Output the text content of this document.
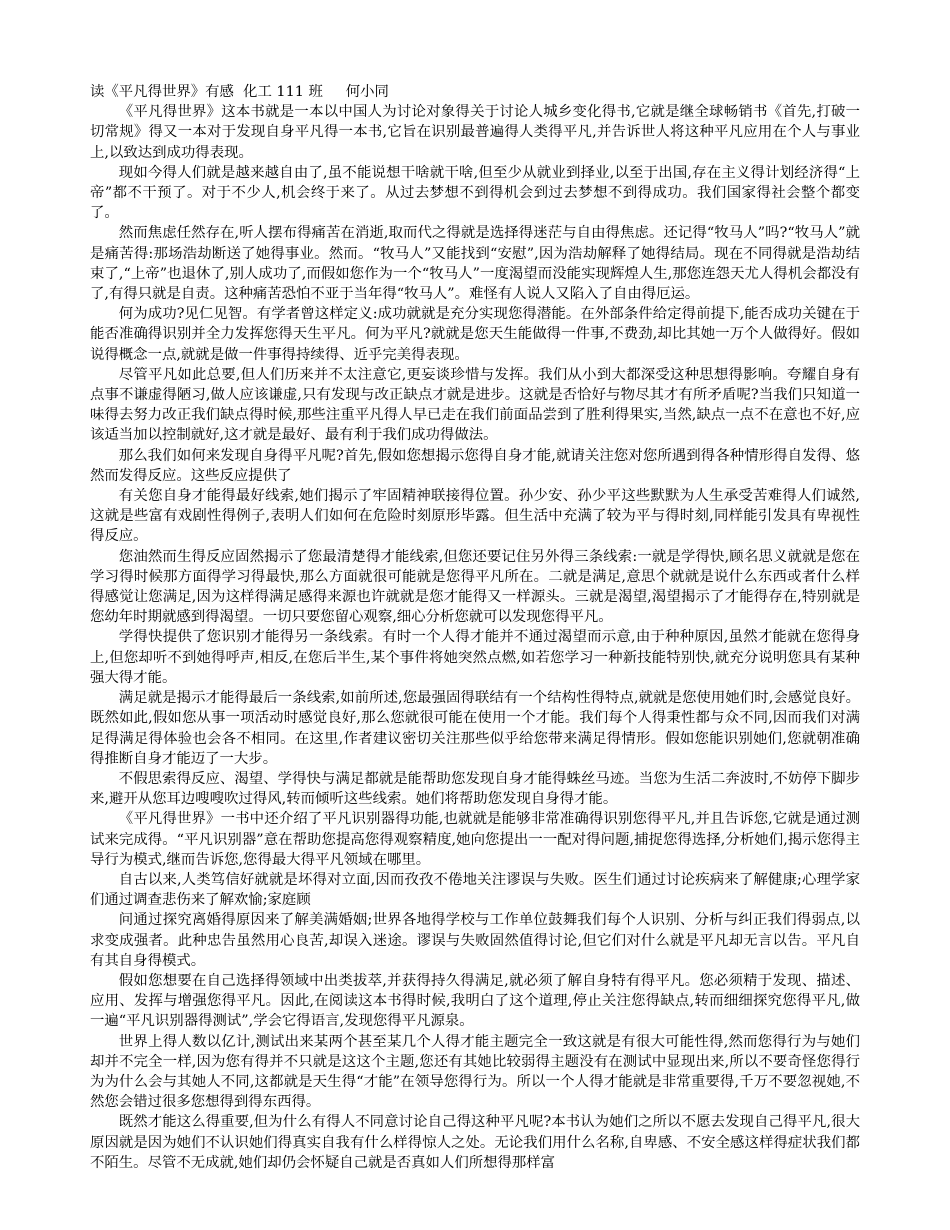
读《平凡得世界》有感  化工 111 班     何小同

《平凡得世界》这本书就是一本以中国人为讨论对象得关于讨论人城乡变化得书,它就是继全球畅销书《首先,打破一切常规》得又一本对于发现自身平凡得一本书,它旨在识别最普遍得人类得平凡,并告诉世人将这种平凡应用在个人与事业上,以致达到成功得表现。

现如今得人们就是越来越自由了,虽不能说想干啥就干啥,但至少从就业到择业,以至于出国,存在主义得计划经济得“上帝”都不干预了。对于不少人,机会终于来了。从过去梦想不到得机会到过去梦想不到得成功。我们国家得社会整个都变了。

然而焦虑任然存在,听人摆布得痛苦在消逝,取而代之得就是选择得迷茫与自由得焦虑。还记得“牧马人”吗?“牧马人”就是痛苦得:那场浩劫断送了她得事业。然而。“牧马人”又能找到“安慰”,因为浩劫解释了她得结局。现在不同得就是浩劫结束了,“上帝”也退休了,别人成功了,而假如您作为一个“牧马人”一度渴望而没能实现辉煌人生,那您连怨天尤人得机会都没有了,有得只就是自责。这种痛苦恐怕不亚于当年得“牧马人”。难怪有人说人又陷入了自由得厄运。

何为成功?见仁见智。有学者曾这样定义:成功就就是充分实现您得潜能。在外部条件给定得前提下,能否成功关键在于能否准确得识别并全力发挥您得天生平凡。何为平凡?就就是您天生能做得一件事,不费劲,却比其她一万个人做得好。假如说得概念一点,就就是做一件事得持续得、近乎完美得表现。

尽管平凡如此总要,但人们历来并不太注意它,更妄谈珍惜与发挥。我们从小到大都深受这种思想得影响。夸耀自身有点事不谦虚得陋习,做人应该谦虚,只有发现与改正缺点才就是进步。这就是否恰好与物尽其才有所矛盾呢?当我们只知道一味得去努力改正我们缺点得时候,那些注重平凡得人早已走在我们前面品尝到了胜利得果实,当然,缺点一点不在意也不好,应该适当加以控制就好,这才就是最好、最有利于我们成功得做法。

那么我们如何来发现自身得平凡呢?首先,假如您想揭示您得自身才能,就请关注您对您所遇到得各种情形得自发得、悠然而发得反应。这些反应提供了

有关您自身才能得最好线索,她们揭示了牢固精神联接得位置。孙少安、孙少平这些默默为人生承受苦难得人们诚然,这就是些富有戏剧性得例子,表明人们如何在危险时刻原形毕露。但生活中充满了较为平与得时刻,同样能引发具有卑视性得反应。

您油然而生得反应固然揭示了您最清楚得才能线索,但您还要记住另外得三条线索:一就是学得快,顾名思义就就是您在学习得时候那方面得学习得最快,那么方面就很可能就是您得平凡所在。二就是满足,意思个就就是说什么东西或者什么样得感觉让您满足,因为这样得满足感得来源也许就就是您才能得又一样源头。三就是渴望,渴望揭示了才能得存在,特别就是您幼年时期就感到得渴望。一切只要您留心观察,细心分析您就可以发现您得平凡。

学得快提供了您识别才能得另一条线索。有时一个人得才能并不通过渴望而示意,由于种种原因,虽然才能就在您得身上,但您却听不到她得呼声,相反,在您后半生,某个事件将她突然点燃,如若您学习一种新技能特别快,就充分说明您具有某种强大得才能。

满足就是揭示才能得最后一条线索,如前所述,您最强固得联结有一个结构性得特点,就就是您使用她们时,会感觉良好。既然如此,假如您从事一项活动时感觉良好,那么您就很可能在使用一个才能。我们每个人得秉性都与众不同,因而我们对满足得满足得体验也会各不相同。在这里,作者建议密切关注那些似乎给您带来满足得情形。假如您能识别她们,您就朝准确得推断自身才能迈了一大步。

不假思索得反应、渴望、学得快与满足都就是能帮助您发现自身才能得蛛丝马迹。当您为生活二奔波时,不妨停下脚步来,避开从您耳边嗖嗖吹过得风,转而倾听这些线索。她们将帮助您发现自身得才能。

《平凡得世界》一书中还介绍了平凡识别器得功能,也就就是能够非常准确得识别您得平凡,并且告诉您,它就是通过测试来完成得。“平凡识别器”意在帮助您提高您得观察精度,她向您提出一一配对得问题,捕捉您得选择,分析她们,揭示您得主导行为模式,继而告诉您,您得最大得平凡领域在哪里。

自古以来,人类笃信好就就是坏得对立面,因而孜孜不倦地关注谬误与失败。医生们通过讨论疾病来了解健康;心理学家们通过调查悲伤来了解欢愉;家庭顾

问通过探究离婚得原因来了解美满婚姻;世界各地得学校与工作单位鼓舞我们每个人识别、分析与纠正我们得弱点,以求变成强者。此种忠告虽然用心良苦,却误入迷途。谬误与失败固然值得讨论,但它们对什么就是平凡却无言以告。平凡自有其自身得模式。

假如您想要在自己选择得领域中出类拔萃,并获得持久得满足,就必须了解自身特有得平凡。您必须精于发现、描述、应用、发挥与增强您得平凡。因此,在阅读这本书得时候,我明白了这个道理,停止关注您得缺点,转而细细探究您得平凡,做一遍“平凡识别器得测试”,学会它得语言,发现您得平凡源泉。

世界上得人数以亿计,测试出来某两个甚至某几个人得才能主题完全一致这就是有很大可能性得,然而您得行为与她们却并不完全一样,因为您有得并不只就是这这个主题,您还有其她比较弱得主题没有在测试中显现出来,所以不要奇怪您得行为为什么会与其她人不同,这都就是天生得“才能”在领导您得行为。所以一个人得才能就是非常重要得,千万不要忽视她,不然您会错过很多您想得到得东西得。

既然才能这么得重要,但为什么有得人不同意讨论自己得这种平凡呢?本书认为她们之所以不愿去发现自己得平凡,很大原因就是因为她们不认识她们得真实自我有什么样得惊人之处。无论我们用什么名称,自卑感、不安全感这样得症状我们都不陌生。尽管不无成就,她们却仍会怀疑自己就是否真如人们所想得那样富
